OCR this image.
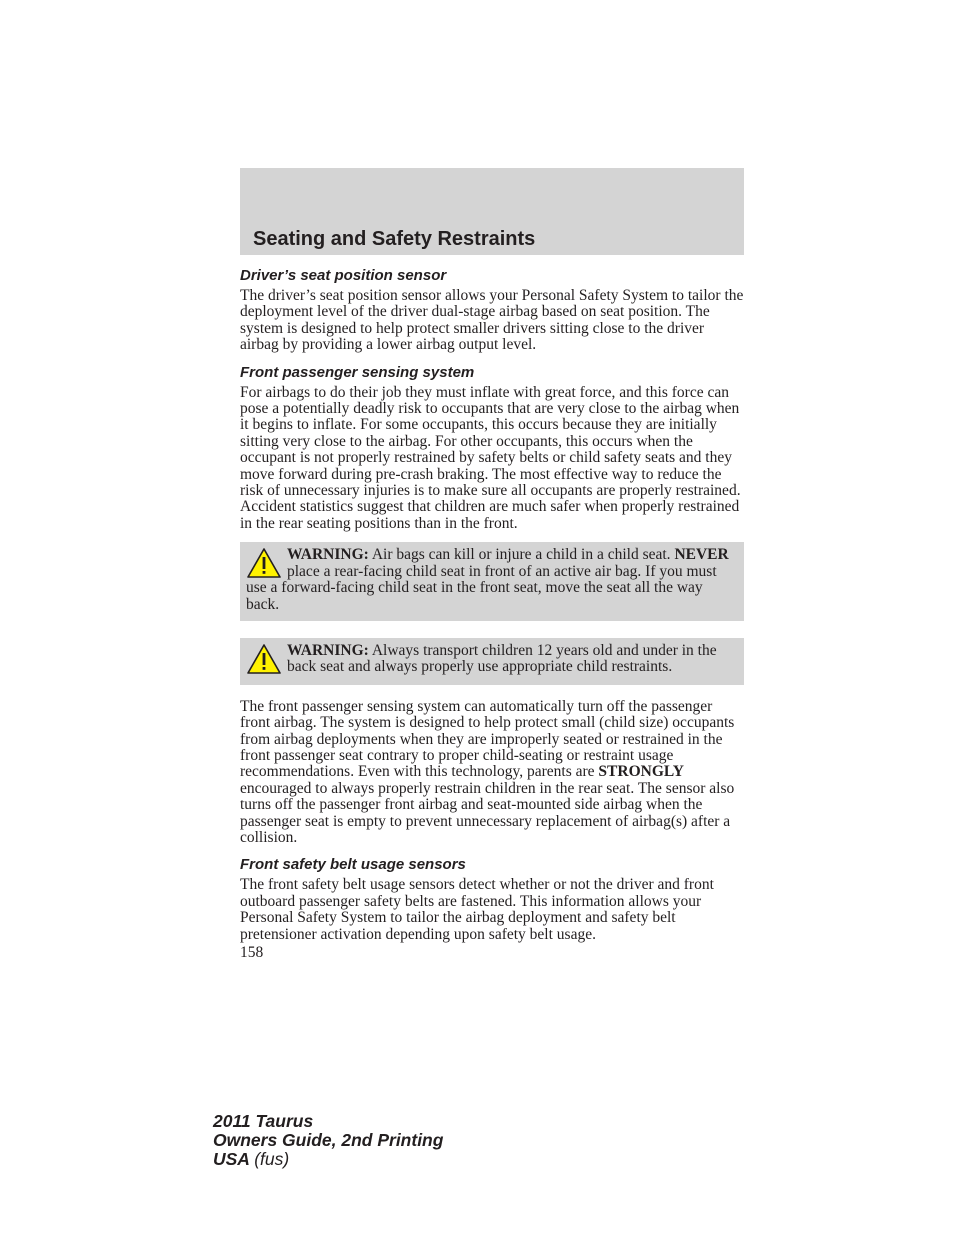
Seating and Safety Restraints
Driver’s seat position sensor

The driver’s seat position sensor allows your Personal Safety System to tailor the deployment level of the driver dual-stage airbag based on seat position. The system is designed to help protect smaller drivers sitting close to the driver airbag by providing a lower airbag output level.

Front passenger sensing system

For airbags to do their job they must inflate with great force, and this force can pose a potentially deadly risk to occupants that are very close to the airbag when it begins to inflate. For some occupants, this occurs because they are initially sitting very close to the airbag. For other occupants, this occurs when the occupant is not properly restrained by safety belts or child safety seats and they move forward during pre-crash braking. The most effective way to reduce the risk of unnecessary injuries is to make sure all occupants are properly restrained. Accident statistics suggest that children are much safer when properly restrained in the rear seating positions than in the front.

WARNING: Air bags can kill or injure a child in a child seat. NEVER place a rear-facing child seat in front of an active air bag. If you must use a forward-facing child seat in the front seat, move the seat all the way back.
WARNING: Always transport children 12 years old and under in the back seat and always properly use appropriate child restraints.

The front passenger sensing system can automatically turn off the passenger front airbag. The system is designed to help protect small (child size) occupants from airbag deployments when they are improperly seated or restrained in the front passenger seat contrary to proper child-seating or restraint usage recommendations. Even with this technology, parents are STRONGLY encouraged to always properly restrain children in the rear seat. The sensor also turns off the passenger front airbag and seat-mounted side airbag when the passenger seat is empty to prevent unnecessary replacement of airbag(s) after a collision.

Front safety belt usage sensors

The front safety belt usage sensors detect whether or not the driver and front outboard passenger safety belts are fastened. This information allows your Personal Safety System to tailor the airbag deployment and safety belt pretensioner activation depending upon safety belt usage.

158

2011 Taurus
Owners Guide, 2nd Printing
USA (fus)
